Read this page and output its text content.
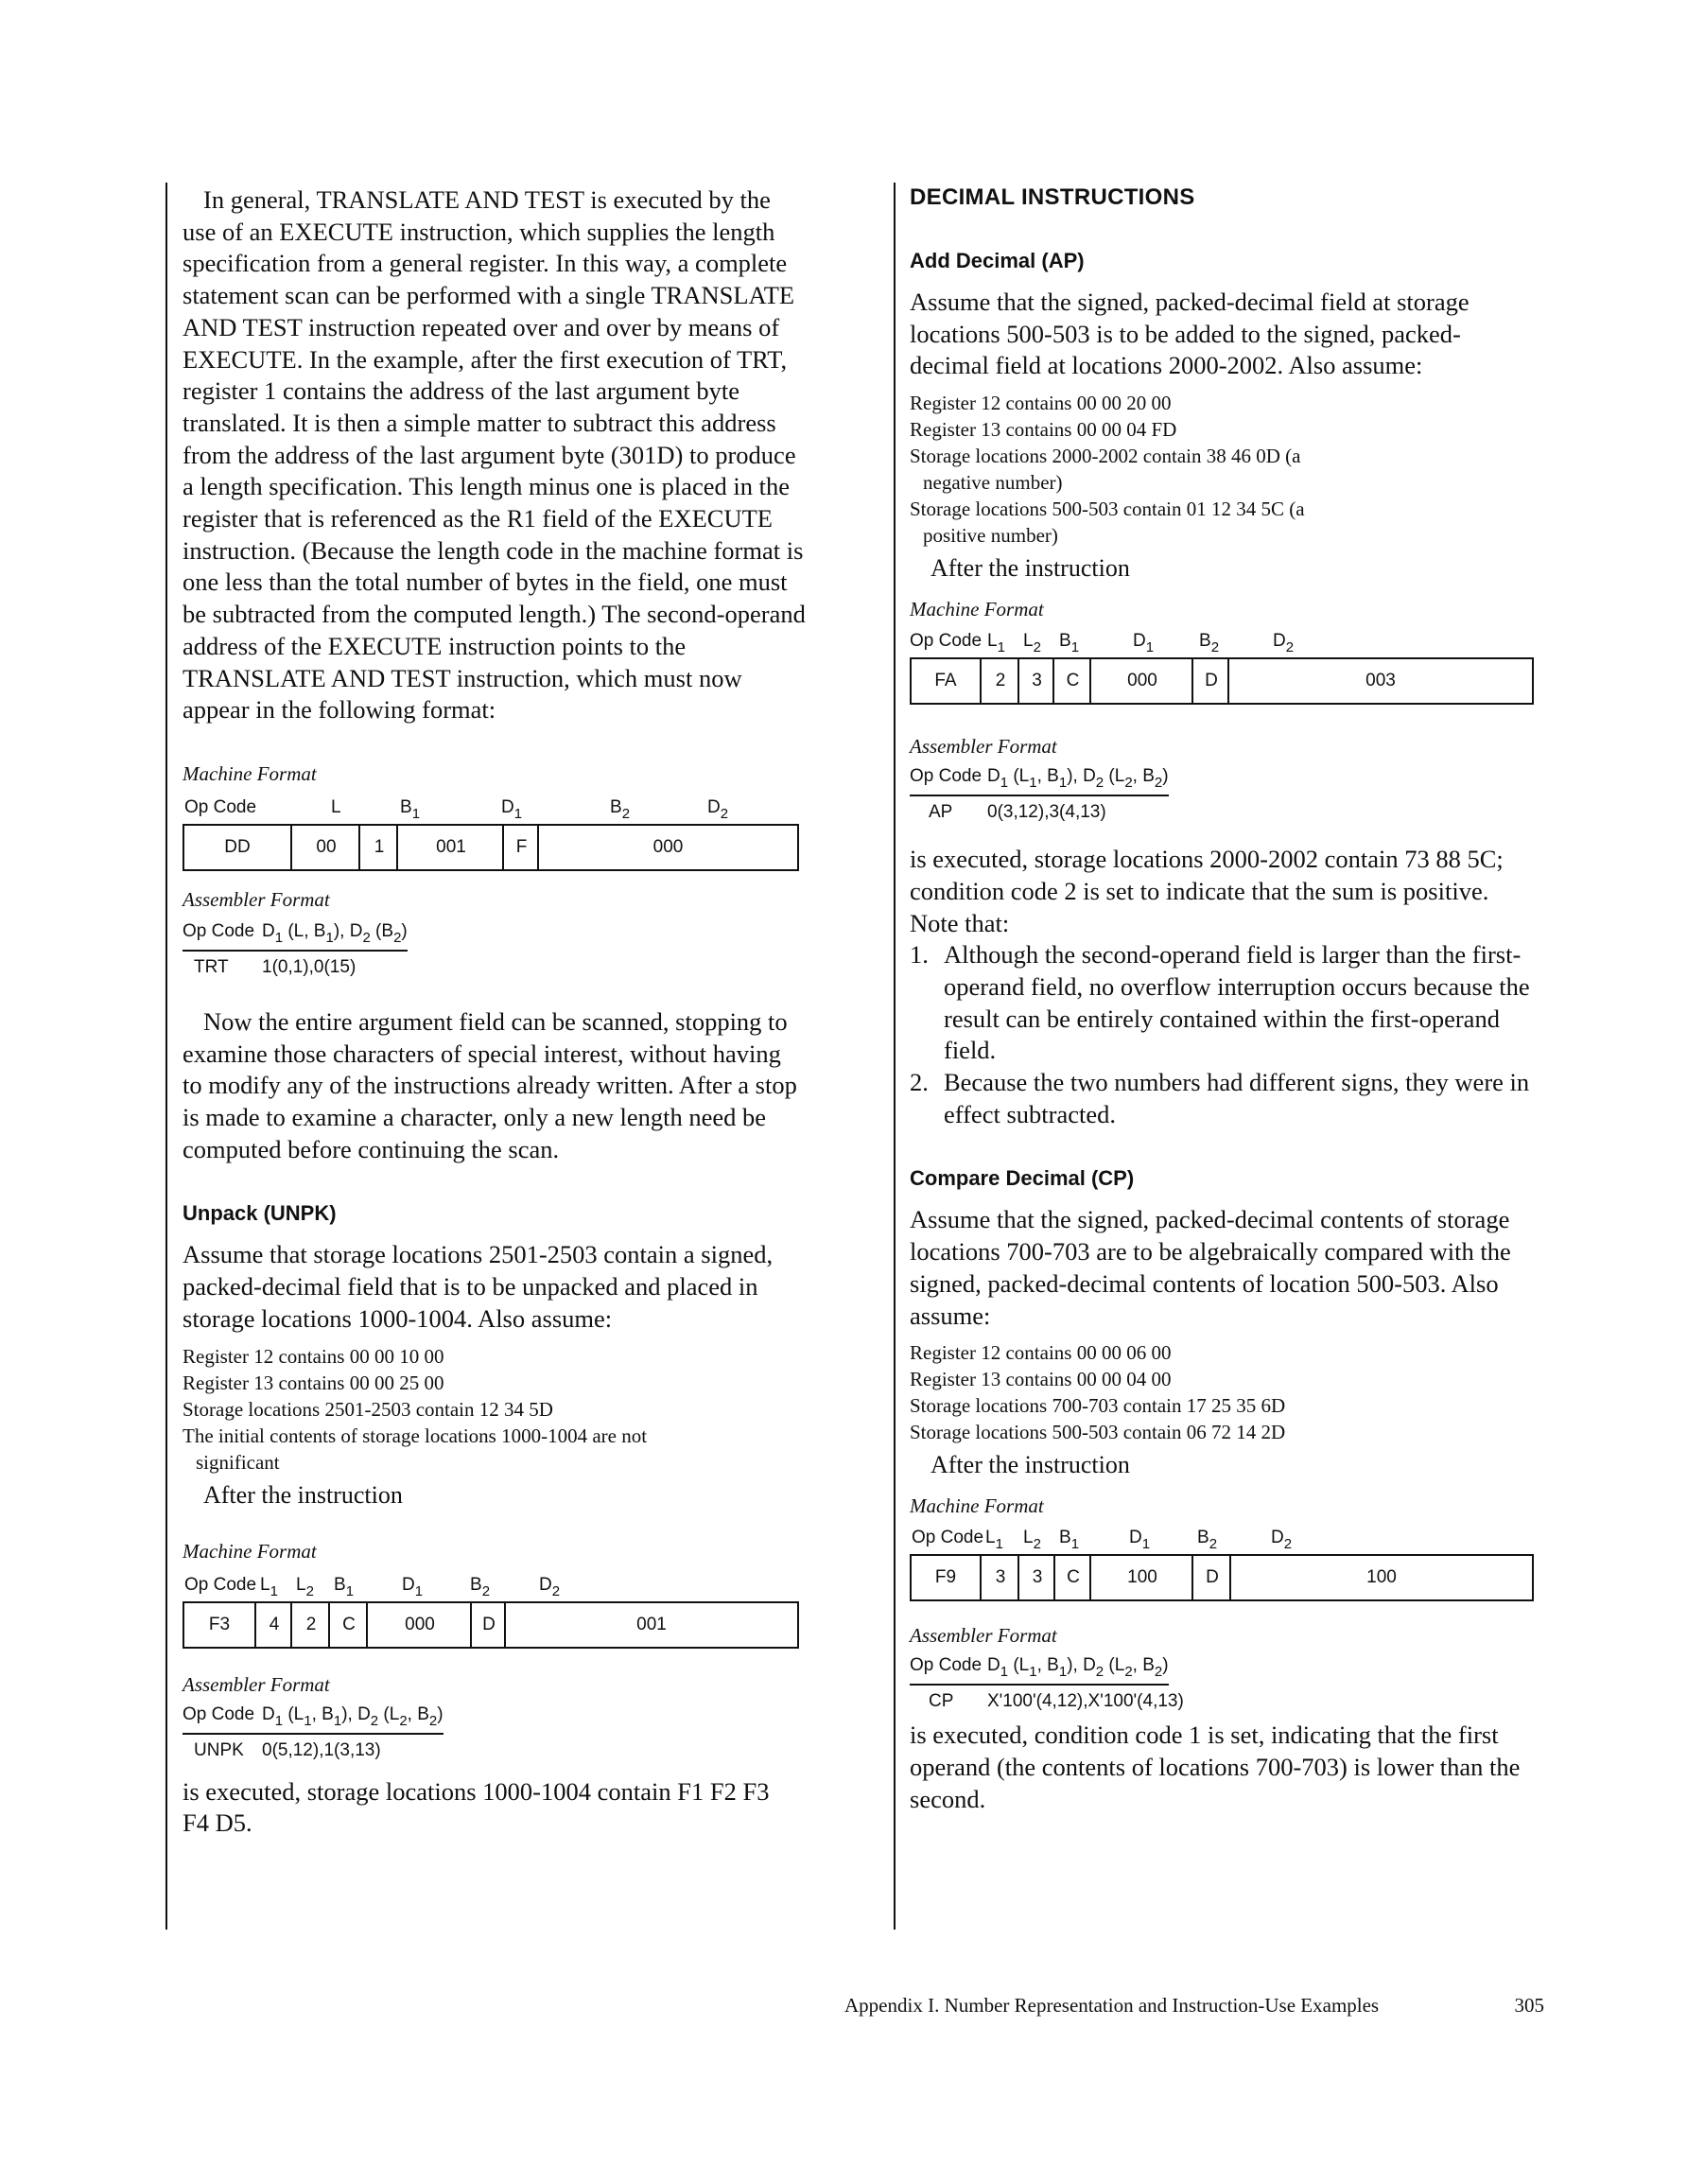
In general, TRANSLATE AND TEST is executed by the use of an EXECUTE instruction, which supplies the length specification from a general register. In this way, a complete statement scan can be performed with a single TRANSLATE AND TEST instruction repeated over and over by means of EXECUTE. In the example, after the first execution of TRT, register 1 contains the address of the last argument byte translated. It is then a simple matter to subtract this address from the address of the last argument byte (301D) to produce a length specification. This length minus one is placed in the register that is referenced as the R1 field of the EXECUTE instruction. (Because the length code in the machine format is one less than the total number of bytes in the field, one must be subtracted from the computed length.) The second-operand address of the EXECUTE instruction points to the TRANSLATE AND TEST instruction, which must now appear in the following format:

Machine Format

Op Code	L	$B_1$	$D_1$	$B_2$	$D_2$
DD	00	1	001	F	000

Assembler Format

Op Code $D_1$ (L, $B_1$), $D_2$ $(B_2)$
TRT 1(0,1),0(15)

Now the entire argument field can be scanned, stopping to examine those characters of special interest, without having to modify any of the instructions already written. After a stop is made to examine a character, only a new length need be computed before continuing the scan.

Unpack (UNPK)

Assume that storage locations 2501-2503 contain a signed, packed-decimal field that is to be unpacked and placed in storage locations 1000-1004. Also assume:

Register 12 contains 00 00 10 00
Register 13 contains 00 00 25 00
Storage locations 2501-2503 contain 12 34 5D
The initial contents of storage locations 1000-1004 are not significant

After the instruction

Machine Format

Op Code $L_1$ $L_2$ $B_1$	$D_1$	$B_2$	$D_2$
F3	4	2	C	000	D	001

Assembler Format

Op Code $D_1$ ($L_1$, $B_1$), $D_2$ ($L_2$, $B_2$)
UNPK 0(5,12),1(3,13)

is executed, storage locations 1000-1004 contain F1 F2 F3 F4 D5.

DECIMAL INSTRUCTIONS
Add Decimal (AP)

Assume that the signed, packed-decimal field at storage locations 500-503 is to be added to the signed, packed-decimal field at locations 2000-2002. Also assume:

Register 12 contains 00 00 20 00
Register 13 contains 00 00 04 FD
Storage locations 2000-2002 contain 38 46 0D (a negative number)
Storage locations 500-503 contain 01 12 34 5C (a positive number)

After the instruction

Machine Format

Op Code $L_1$ $L_2$ $B_1$	$D_1$	$B_2$	$D_2$
FA	2	3	C	000	D	003

Assembler Format

Op Code $D_1$ ($L_1$, $B_1$), $D_2$ ($L_2$, $B_2$)
AP 0(3,12),3(4,13)

is executed, storage locations 2000-2002 contain 73 88 5C; condition code 2 is set to indicate that the sum is positive. Note that:

1. Although the second-operand field is larger than the first-operand field, no overflow interruption occurs because the result can be entirely contained within the first-operand field.
2. Because the two numbers had different signs, they were in effect subtracted.
Compare Decimal (CP)

Assume that the signed, packed-decimal contents of storage locations 700-703 are to be algebraically compared with the signed, packed-decimal contents of location 500-503. Also assume:

Register 12 contains 00 00 06 00
Register 13 contains 00 00 04 00
Storage locations 700-703 contain 17 25 35 6D
Storage locations 500-503 contain 06 72 14 2D

After the instruction

Machine Format

Op Code $L_1$ $L_2$ $B_1$	$D_1$	$B_2$	$D_2$
F9	3	3	C	100	D	100

Assembler Format

Op Code $D_1$ ($L_1$, $B_1$), $D_2$ ($L_2$, $B_2$)
CP X'100'(4,12),X'100'(4,13)

is executed, condition code 1 is set, indicating that the first operand (the contents of locations 700-703) is lower than the second.

Appendix I. Number Representation and Instruction-Use Examples	305
